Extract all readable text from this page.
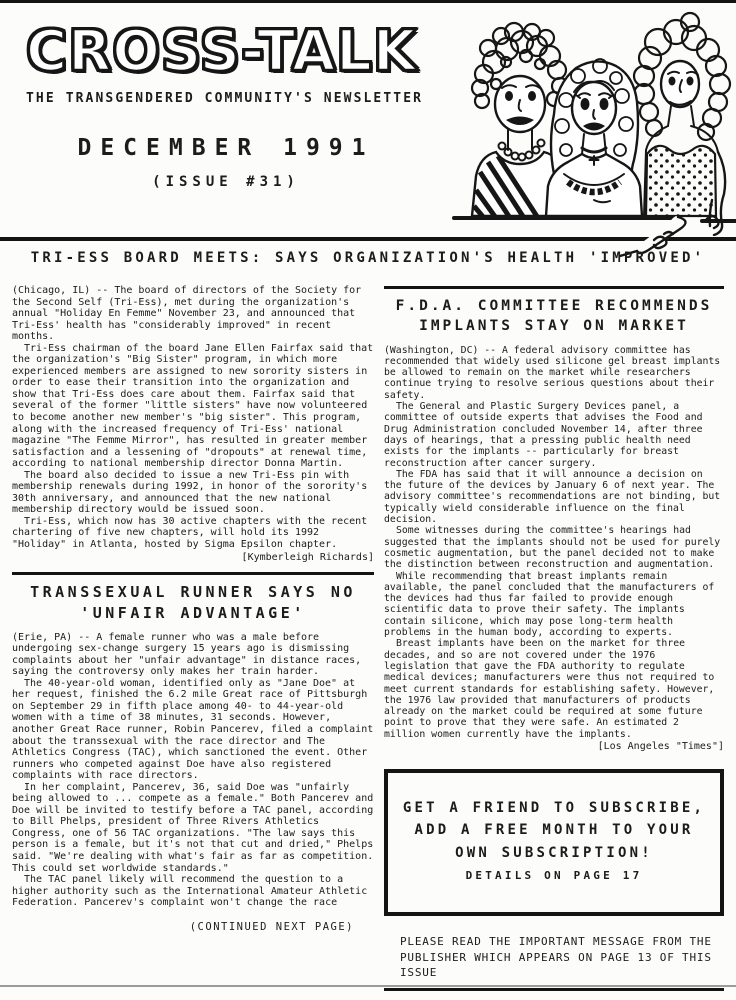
CROSS-TALK
THE TRANSGENDERED COMMUNITY'S NEWSLETTER
DECEMBER 1991
(ISSUE #31)
TRI-ESS BOARD MEETS: SAYS ORGANIZATION'S HEALTH 'IMPROVED'
(Chicago, IL) -- The board of directors of the Society for the Second Self (Tri-Ess), met during the organization's annual "Holiday En Femme" November 23, and announced that Tri-Ess' health has "considerably improved" in recent months.
Tri-Ess chairman of the board Jane Ellen Fairfax said that the organization's "Big Sister" program, in which more experienced members are assigned to new sorority sisters in order to ease their transition into the organization and show that Tri-Ess does care about them. Fairfax said that several of the former "little sisters" have now volunteered to become another new member's "big sister". This program, along with the increased frequency of Tri-Ess' national magazine "The Femme Mirror", has resulted in greater member satisfaction and a lessening of "dropouts" at renewal time, according to national membership director Donna Martin.
The board also decided to issue a new Tri-Ess pin with membership renewals during 1992, in honor of the sorority's 30th anniversary, and announced that the new national membership directory would be issued soon.
Tri-Ess, which now has 30 active chapters with the recent chartering of five new chapters, will hold its 1992 "Holiday" in Atlanta, hosted by Sigma Epsilon chapter.
[Kymberleigh Richards]
TRANSSEXUAL RUNNER SAYS NO
'UNFAIR ADVANTAGE'
(Erie, PA) -- A female runner who was a male before undergoing sex-change surgery 15 years ago is dismissing complaints about her "unfair advantage" in distance races, saying the controversy only makes her train harder.
The 40-year-old woman, identified only as "Jane Doe" at her request, finished the 6.2 mile Great race of Pittsburgh on September 29 in fifth place among 40- to 44-year-old women with a time of 38 minutes, 31 seconds. However, another Great Race runner, Robin Pancerev, filed a complaint about the transsexual with the race director and The Athletics Congress (TAC), which sanctioned the event. Other runners who competed against Doe have also registered complaints with race directors.
In her complaint, Pancerev, 36, said Doe was "unfairly being allowed to ... compete as a female." Both Pancerev and Doe will be invited to testify before a TAC panel, according to Bill Phelps, president of Three Rivers Athletics Congress, one of 56 TAC organizations. "The law says this person is a female, but it's not that cut and dried," Phelps said. "We're dealing with what's fair as far as competition. This could set worldwide standards."
The TAC panel likely will recommend the question to a higher authority such as the International Amateur Athletic Federation. Pancerev's complaint won't change the race
(CONTINUED NEXT PAGE)
F.D.A. COMMITTEE RECOMMENDS
IMPLANTS STAY ON MARKET
(Washington, DC) -- A federal advisory committee has recommended that widely used silicone gel breast implants be allowed to remain on the market while researchers continue trying to resolve serious questions about their safety.
The General and Plastic Surgery Devices panel, a committee of outside experts that advises the Food and Drug Administration concluded November 14, after three days of hearings, that a pressing public health need exists for the implants -- particularly for breast reconstruction after cancer surgery.
The FDA has said that it will announce a decision on the future of the devices by January 6 of next year. The advisory committee's recommendations are not binding, but typically wield considerable influence on the final decision.
Some witnesses during the committee's hearings had suggested that the implants should not be used for purely cosmetic augmentation, but the panel decided not to make the distinction between reconstruction and augmentation.
While recommending that breast implants remain available, the panel concluded that the manufacturers of the devices had thus far failed to provide enough scientific data to prove their safety. The implants contain silicone, which may pose long-term health problems in the human body, according to experts.
Breast implants have been on the market for three decades, and so are not covered under the 1976 legislation that gave the FDA authority to regulate medical devices; manufacturers were thus not required to meet current standards for establishing safety. However, the 1976 law provided that manufacturers of products already on the market could be required at some future point to prove that they were safe. An estimated 2 million women currently have the implants.
[Los Angeles "Times"]
GET A FRIEND TO SUBSCRIBE,
ADD A FREE MONTH TO YOUR
OWN SUBSCRIPTION!
DETAILS ON PAGE 17
PLEASE READ THE IMPORTANT MESSAGE FROM THE
PUBLISHER WHICH APPEARS ON PAGE 13 OF THIS ISSUE
